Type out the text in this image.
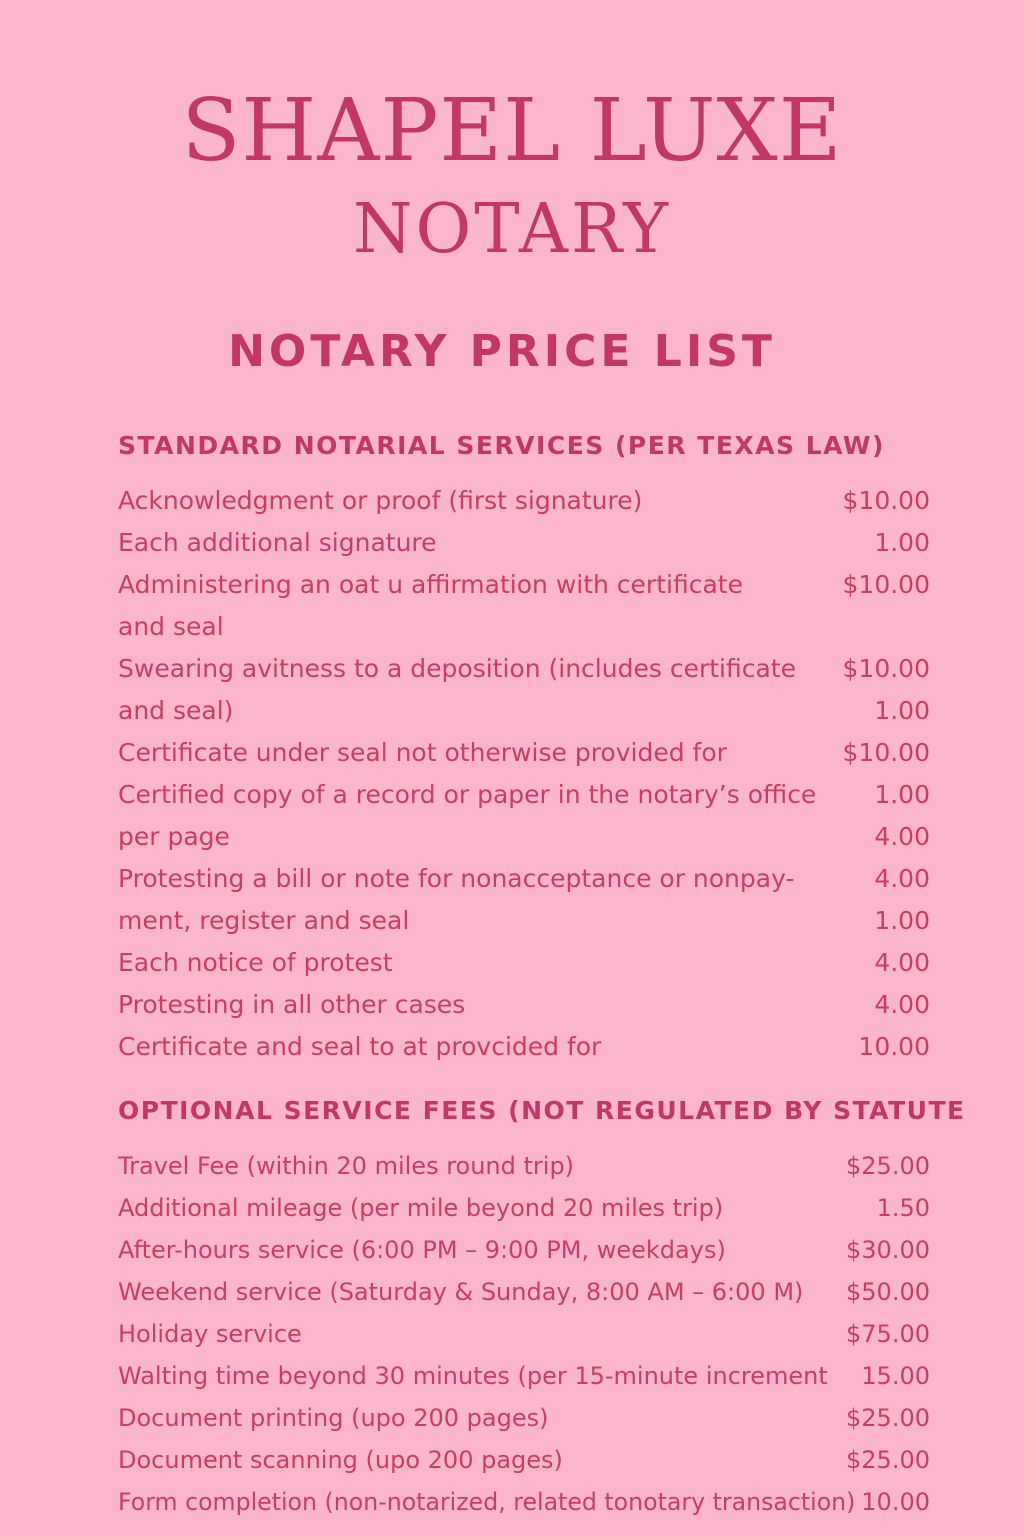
SHAPEL LUXE
NOTARY
NOTARY PRICE LIST
STANDARD NOTARIAL SERVICES (PER TEXAS LAW)
Acknowledgment or proof (first signature)	$10.00
Each additional signature	1.00
Administering an oat u affirmation with certificate	$10.00
and seal
Swearing avitness to a deposition (includes certificate $10.00
and seal)	1.00
Certificate under seal not otherwise provided for	$10.00
Certified copy of a record or paper in the notary’s office 1.00
per page	4.00
Protesting a bill or note for nonacceptance or nonpay-	4.00
ment, register and seal	1.00
Each notice of protest	4.00
Protesting in all other cases	4.00
Certificate and seal to at provcided for	10.00
OPTIONAL SERVICE FEES (NOT REGULATED BY STATUTE
Travel Fee (within 20 miles round trip)	$25.00
Additional mileage (per mile beyond 20 miles trip)	1.50
After-hours service (6:00 PM – 9:00 PM, weekdays)	$30.00
Weekend service (Saturday & Sunday, 8:00 AM – 6:00 M) $50.00
Holiday service	$75.00
Walting time beyond 30 minutes (per 15-minute increment 15.00
Document printing (upo 200 pages)	$25.00
Document scanning (upo 200 pages)	$25.00
Form completion (non-notarized, related tonotary transaction) 10.00
